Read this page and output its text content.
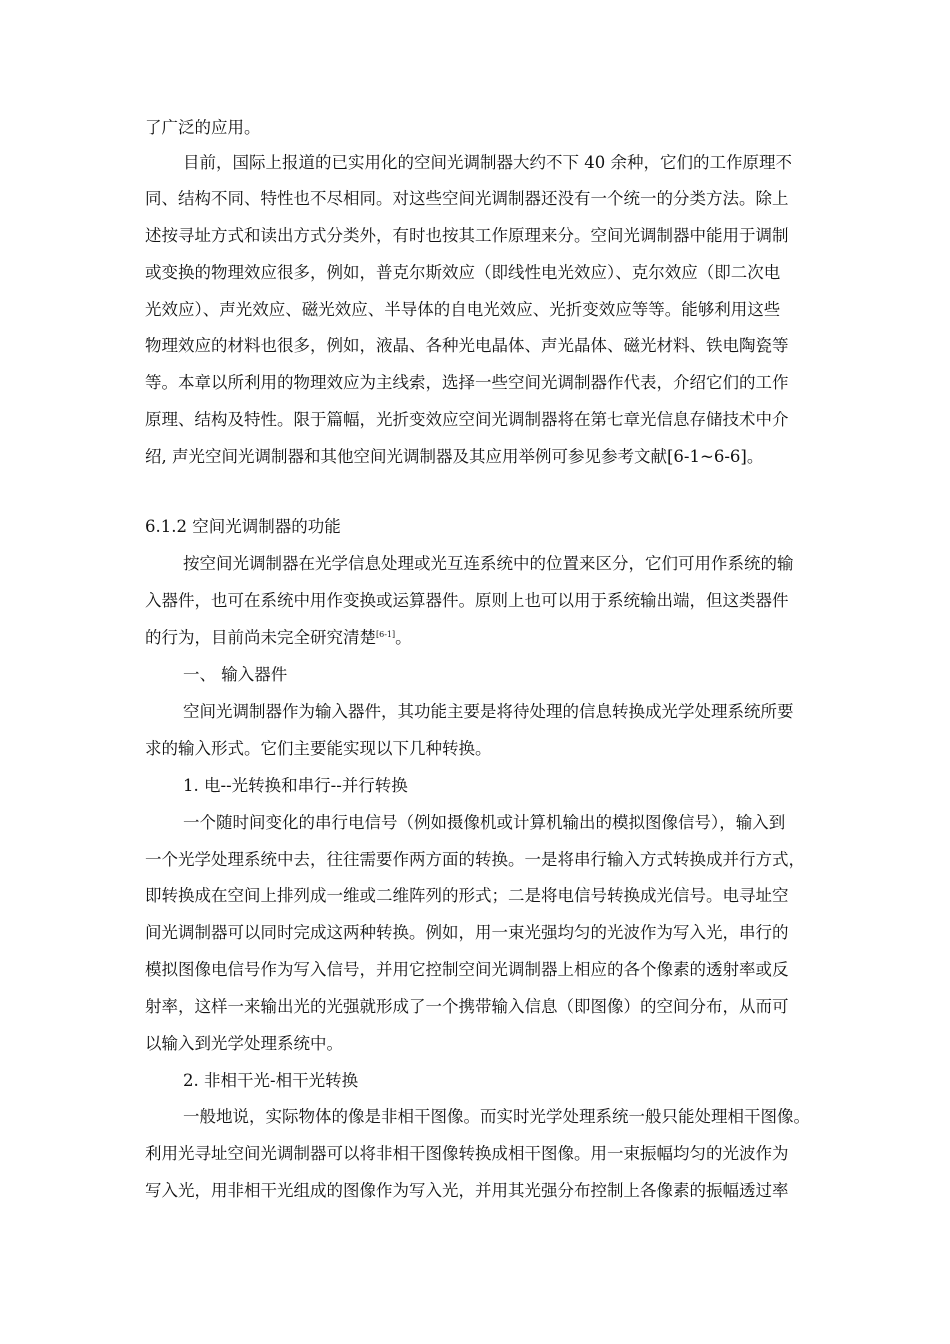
了广泛的应用。
目前，国际上报道的已实用化的空间光调制器大约不下 40 余种，它们的工作原理不
同、结构不同、特性也不尽相同。对这些空间光调制器还没有一个统一的分类方法。除上
述按寻址方式和读出方式分类外，有时也按其工作原理来分。空间光调制器中能用于调制
或变换的物理效应很多，例如，普克尔斯效应（即线性电光效应）、克尔效应（即二次电
光效应）、声光效应、磁光效应、半导体的自电光效应、光折变效应等等。能够利用这些
物理效应的材料也很多，例如，液晶、各种光电晶体、声光晶体、磁光材料、铁电陶瓷等
等。本章以所利用的物理效应为主线索，选择一些空间光调制器作代表，介绍它们的工作
原理、结构及特性。限于篇幅，光折变效应空间光调制器将在第七章光信息存储技术中介
绍, 声光空间光调制器和其他空间光调制器及其应用举例可参见参考文献[6-1~6-6]。
6.1.2 空间光调制器的功能
按空间光调制器在光学信息处理或光互连系统中的位置来区分，它们可用作系统的输
入器件，也可在系统中用作变换或运算器件。原则上也可以用于系统输出端，但这类器件
的行为，目前尚未完全研究清楚[6-1]。
一、 输入器件
空间光调制器作为输入器件，其功能主要是将待处理的信息转换成光学处理系统所要
求的输入形式。它们主要能实现以下几种转换。
1. 电--光转换和串行--并行转换
一个随时间变化的串行电信号（例如摄像机或计算机输出的模拟图像信号），输入到
一个光学处理系统中去，往往需要作两方面的转换。一是将串行输入方式转换成并行方式，
即转换成在空间上排列成一维或二维阵列的形式；二是将电信号转换成光信号。电寻址空
间光调制器可以同时完成这两种转换。例如，用一束光强均匀的光波作为写入光，串行的
模拟图像电信号作为写入信号，并用它控制空间光调制器上相应的各个像素的透射率或反
射率，这样一来输出光的光强就形成了一个携带输入信息（即图像）的空间分布，从而可
以输入到光学处理系统中。
2. 非相干光-相干光转换
一般地说，实际物体的像是非相干图像。而实时光学处理系统一般只能处理相干图像。
利用光寻址空间光调制器可以将非相干图像转换成相干图像。用一束振幅均匀的光波作为
写入光，用非相干光组成的图像作为写入光，并用其光强分布控制上各像素的振幅透过率
